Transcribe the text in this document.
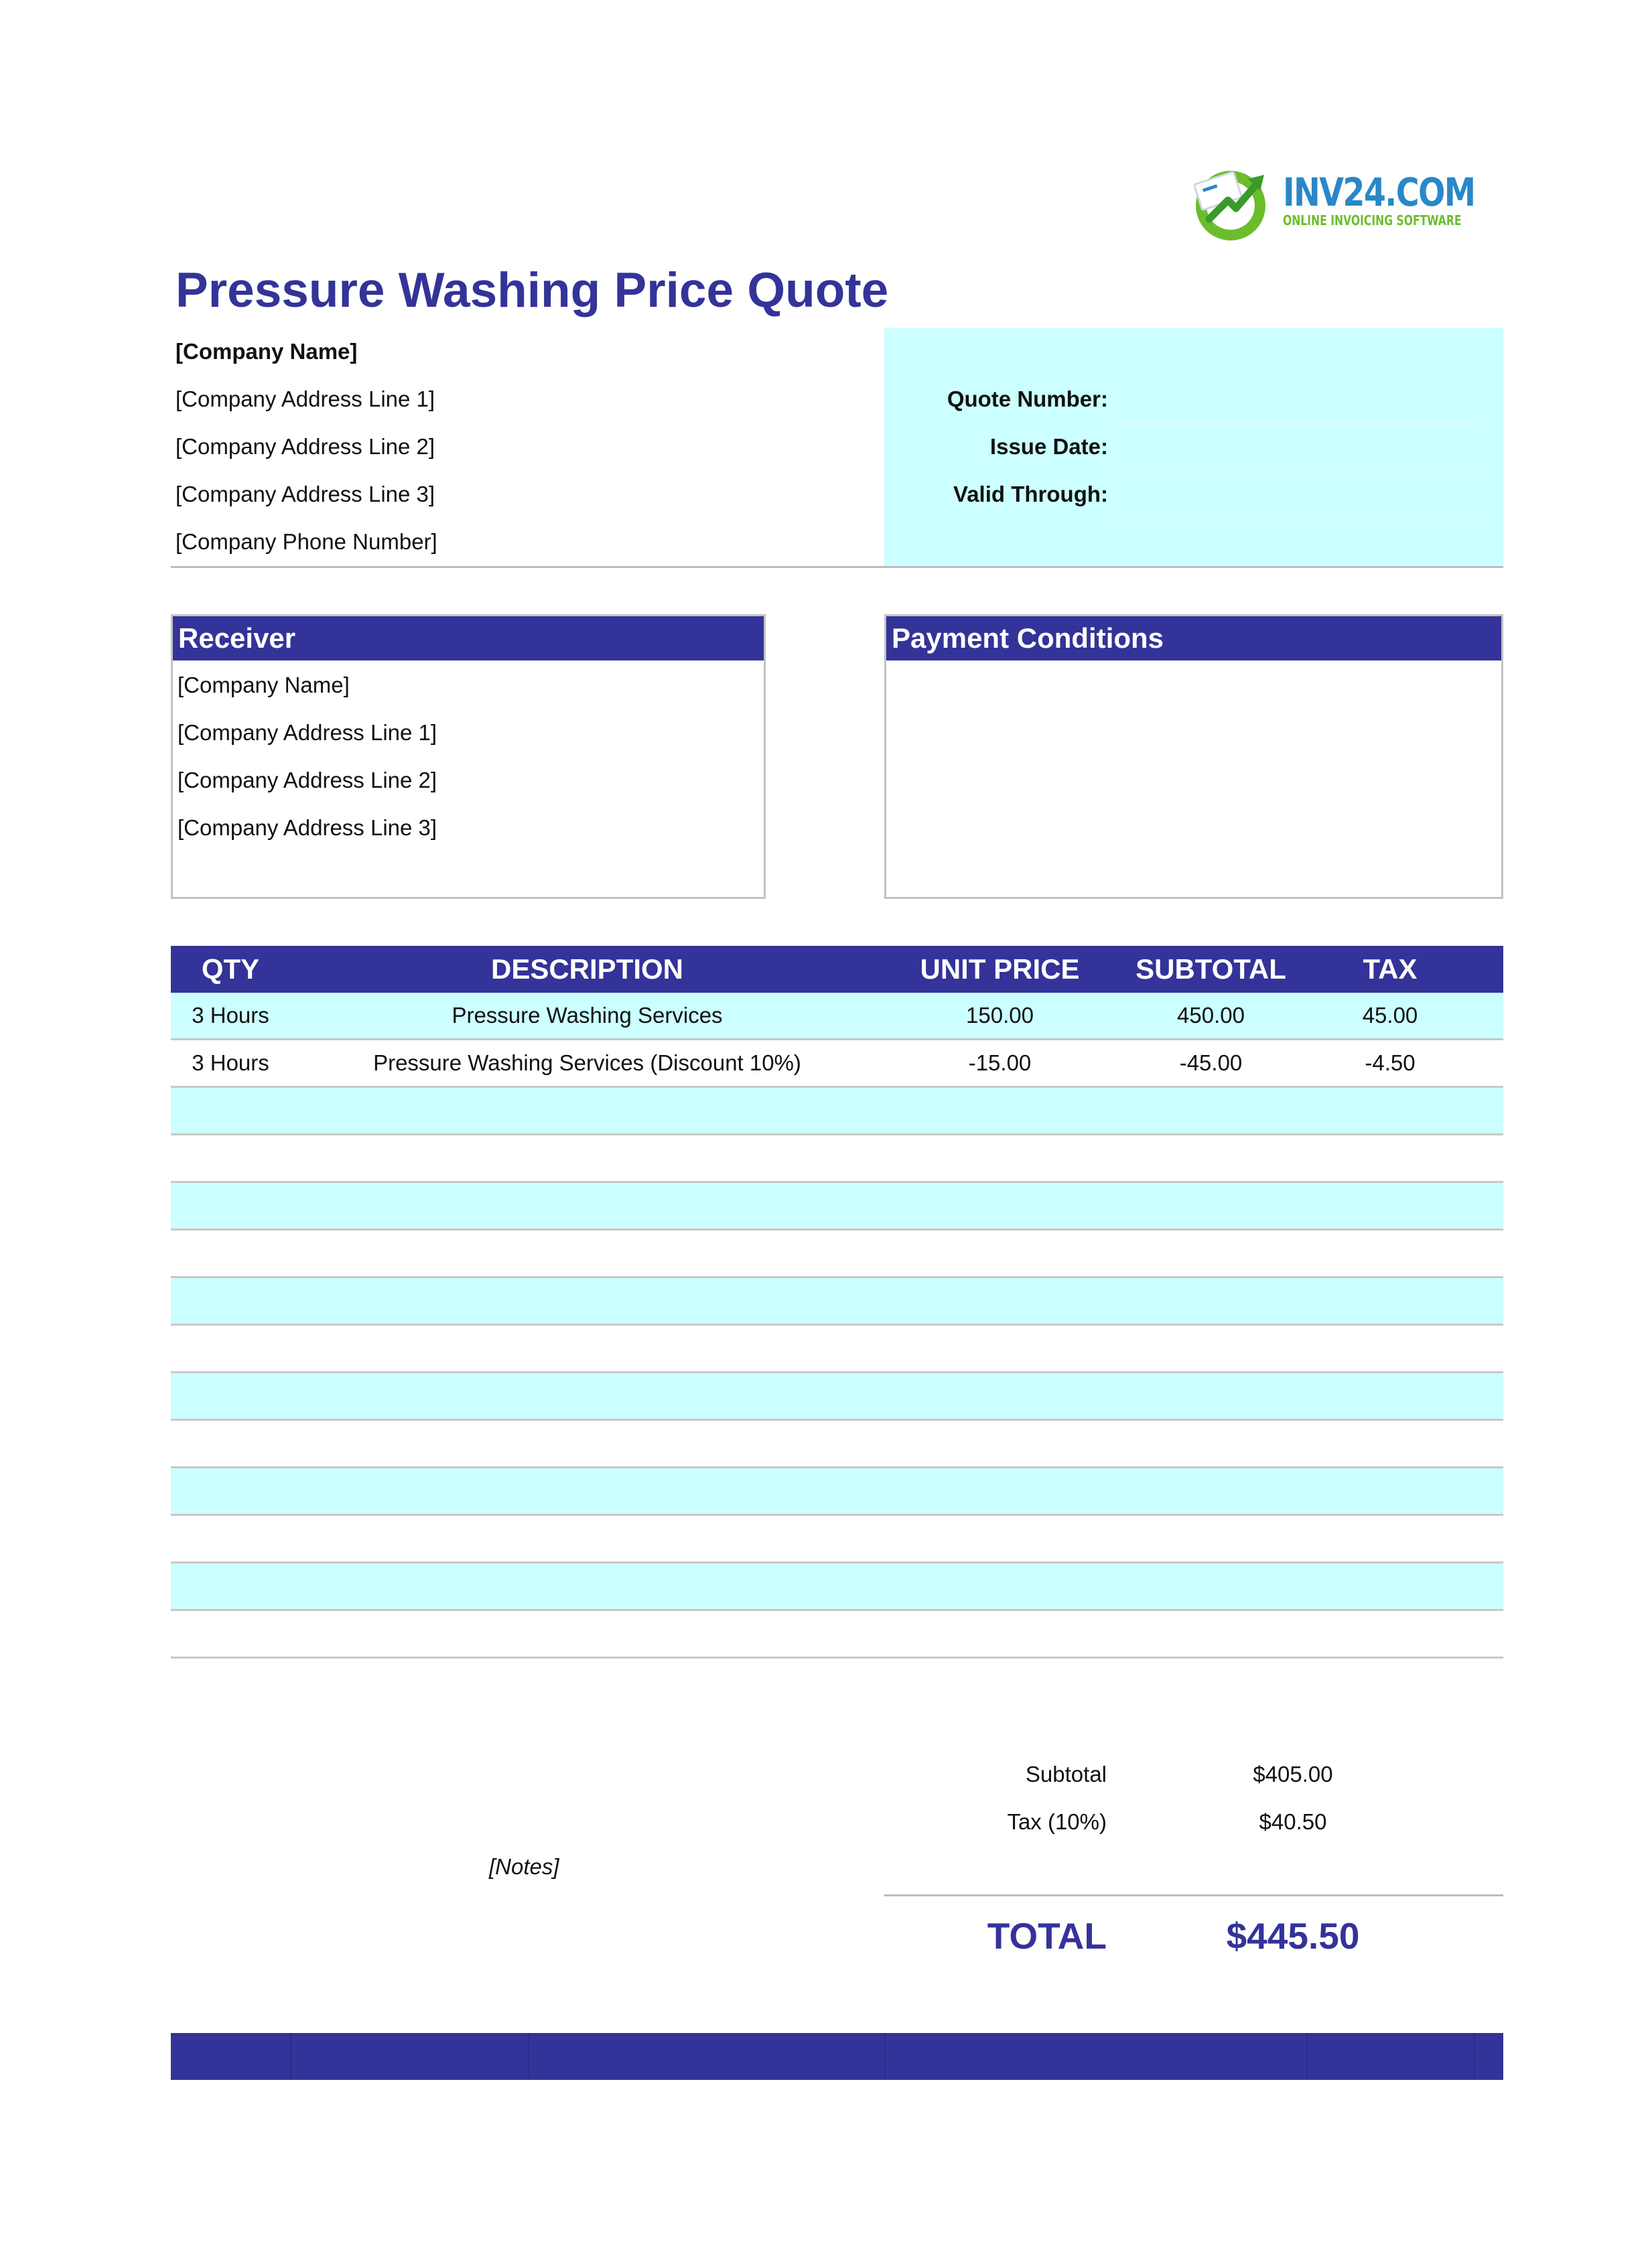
INV24.COM
ONLINE INVOICING SOFTWARE
Pressure Washing Price Quote
[Company Name]
[Company Address Line 1]
[Company Address Line 2]
[Company Address Line 3]
[Company Phone Number]
Quote Number:
Issue Date:
Valid Through:
Receiver
[Company Name]
[Company Address Line 1]
[Company Address Line 2]
[Company Address Line 3]
Payment Conditions
QTY	DESCRIPTION	UNIT PRICE	SUBTOTAL	TAX
3 Hours	Pressure Washing Services	150.00	450.00	45.00
3 Hours	Pressure Washing Services (Discount 10%)	-15.00	-45.00	-4.50
Subtotal	$405.00
Tax (10%)	$40.50
[Notes]
TOTAL	$445.50
